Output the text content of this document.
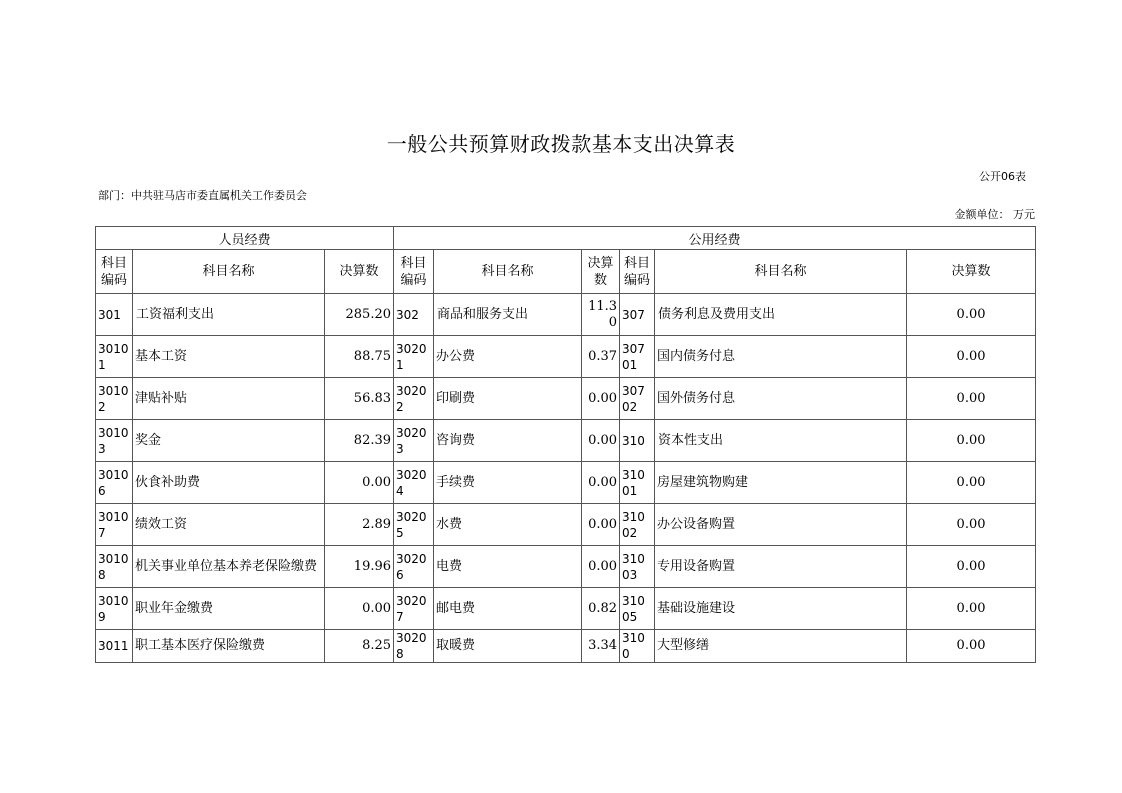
一般公共预算财政拨款基本支出决算表
公开06表
部门：中共驻马店市委直属机关工作委员会
金额单位： 万元
人员经费			公用经费					
科目编码	科目名称	决算数	科目编码	科目名称	决算数	科目编码	科目名称	决算数
301	工资福利支出	285.20	302	商品和服务支出	11.30	307	债务利息及费用支出	0.00
30101	基本工资	88.75	30201	办公费	0.37	30701	国内债务付息	0.00
30102	津贴补贴	56.83	30202	印刷费	0.00	30702	国外债务付息	0.00
30103	奖金	82.39	30203	咨询费	0.00	310	资本性支出	0.00
30106	伙食补助费	0.00	30204	手续费	0.00	31001	房屋建筑物购建	0.00
30107	绩效工资	2.89	30205	水费	0.00	31002	办公设备购置	0.00
30108	机关事业单位基本养老保险缴费	19.96	30206	电费	0.00	31003	专用设备购置	0.00
30109	职业年金缴费	0.00	30207	邮电费	0.82	31005	基础设施建设	0.00
3011	职工基本医疗保险缴费	8.25	30208	取暖费	3.34	3100	大型修缮	0.00
